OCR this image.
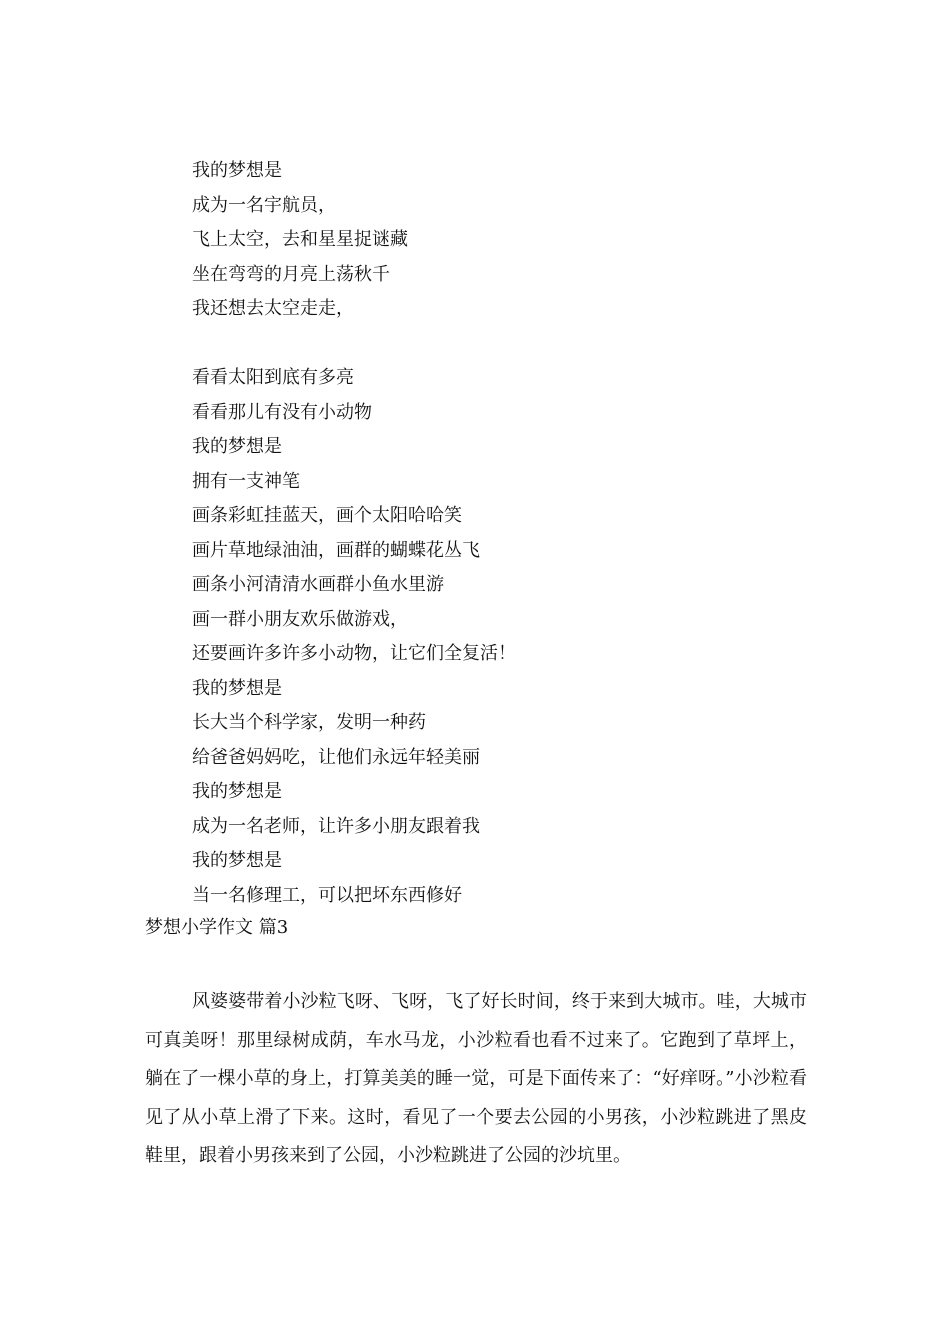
我的梦想是
成为一名宇航员，
飞上太空，去和星星捉谜藏
坐在弯弯的月亮上荡秋千
我还想去太空走走，
看看太阳到底有多亮
看看那儿有没有小动物
我的梦想是
拥有一支神笔
画条彩虹挂蓝天，画个太阳哈哈笑
画片草地绿油油，画群的蝴蝶花丛飞
画条小河清清水画群小鱼水里游
画一群小朋友欢乐做游戏，
还要画许多许多小动物，让它们全复活！
我的梦想是
长大当个科学家，发明一种药
给爸爸妈妈吃，让他们永远年轻美丽
我的梦想是
成为一名老师，让许多小朋友跟着我
我的梦想是
当一名修理工，可以把坏东西修好
梦想小学作文 篇3

风婆婆带着小沙粒飞呀、飞呀，飞了好长时间，终于来到大城市。哇，大城市可真美呀！那里绿树成荫，车水马龙，小沙粒看也看不过来了。它跑到了草坪上，躺在了一棵小草的身上，打算美美的睡一觉，可是下面传来了：“好痒呀。”小沙粒看见了从小草上滑了下来。这时，看见了一个要去公园的小男孩，小沙粒跳进了黑皮鞋里，跟着小男孩来到了公园，小沙粒跳进了公园的沙坑里。
